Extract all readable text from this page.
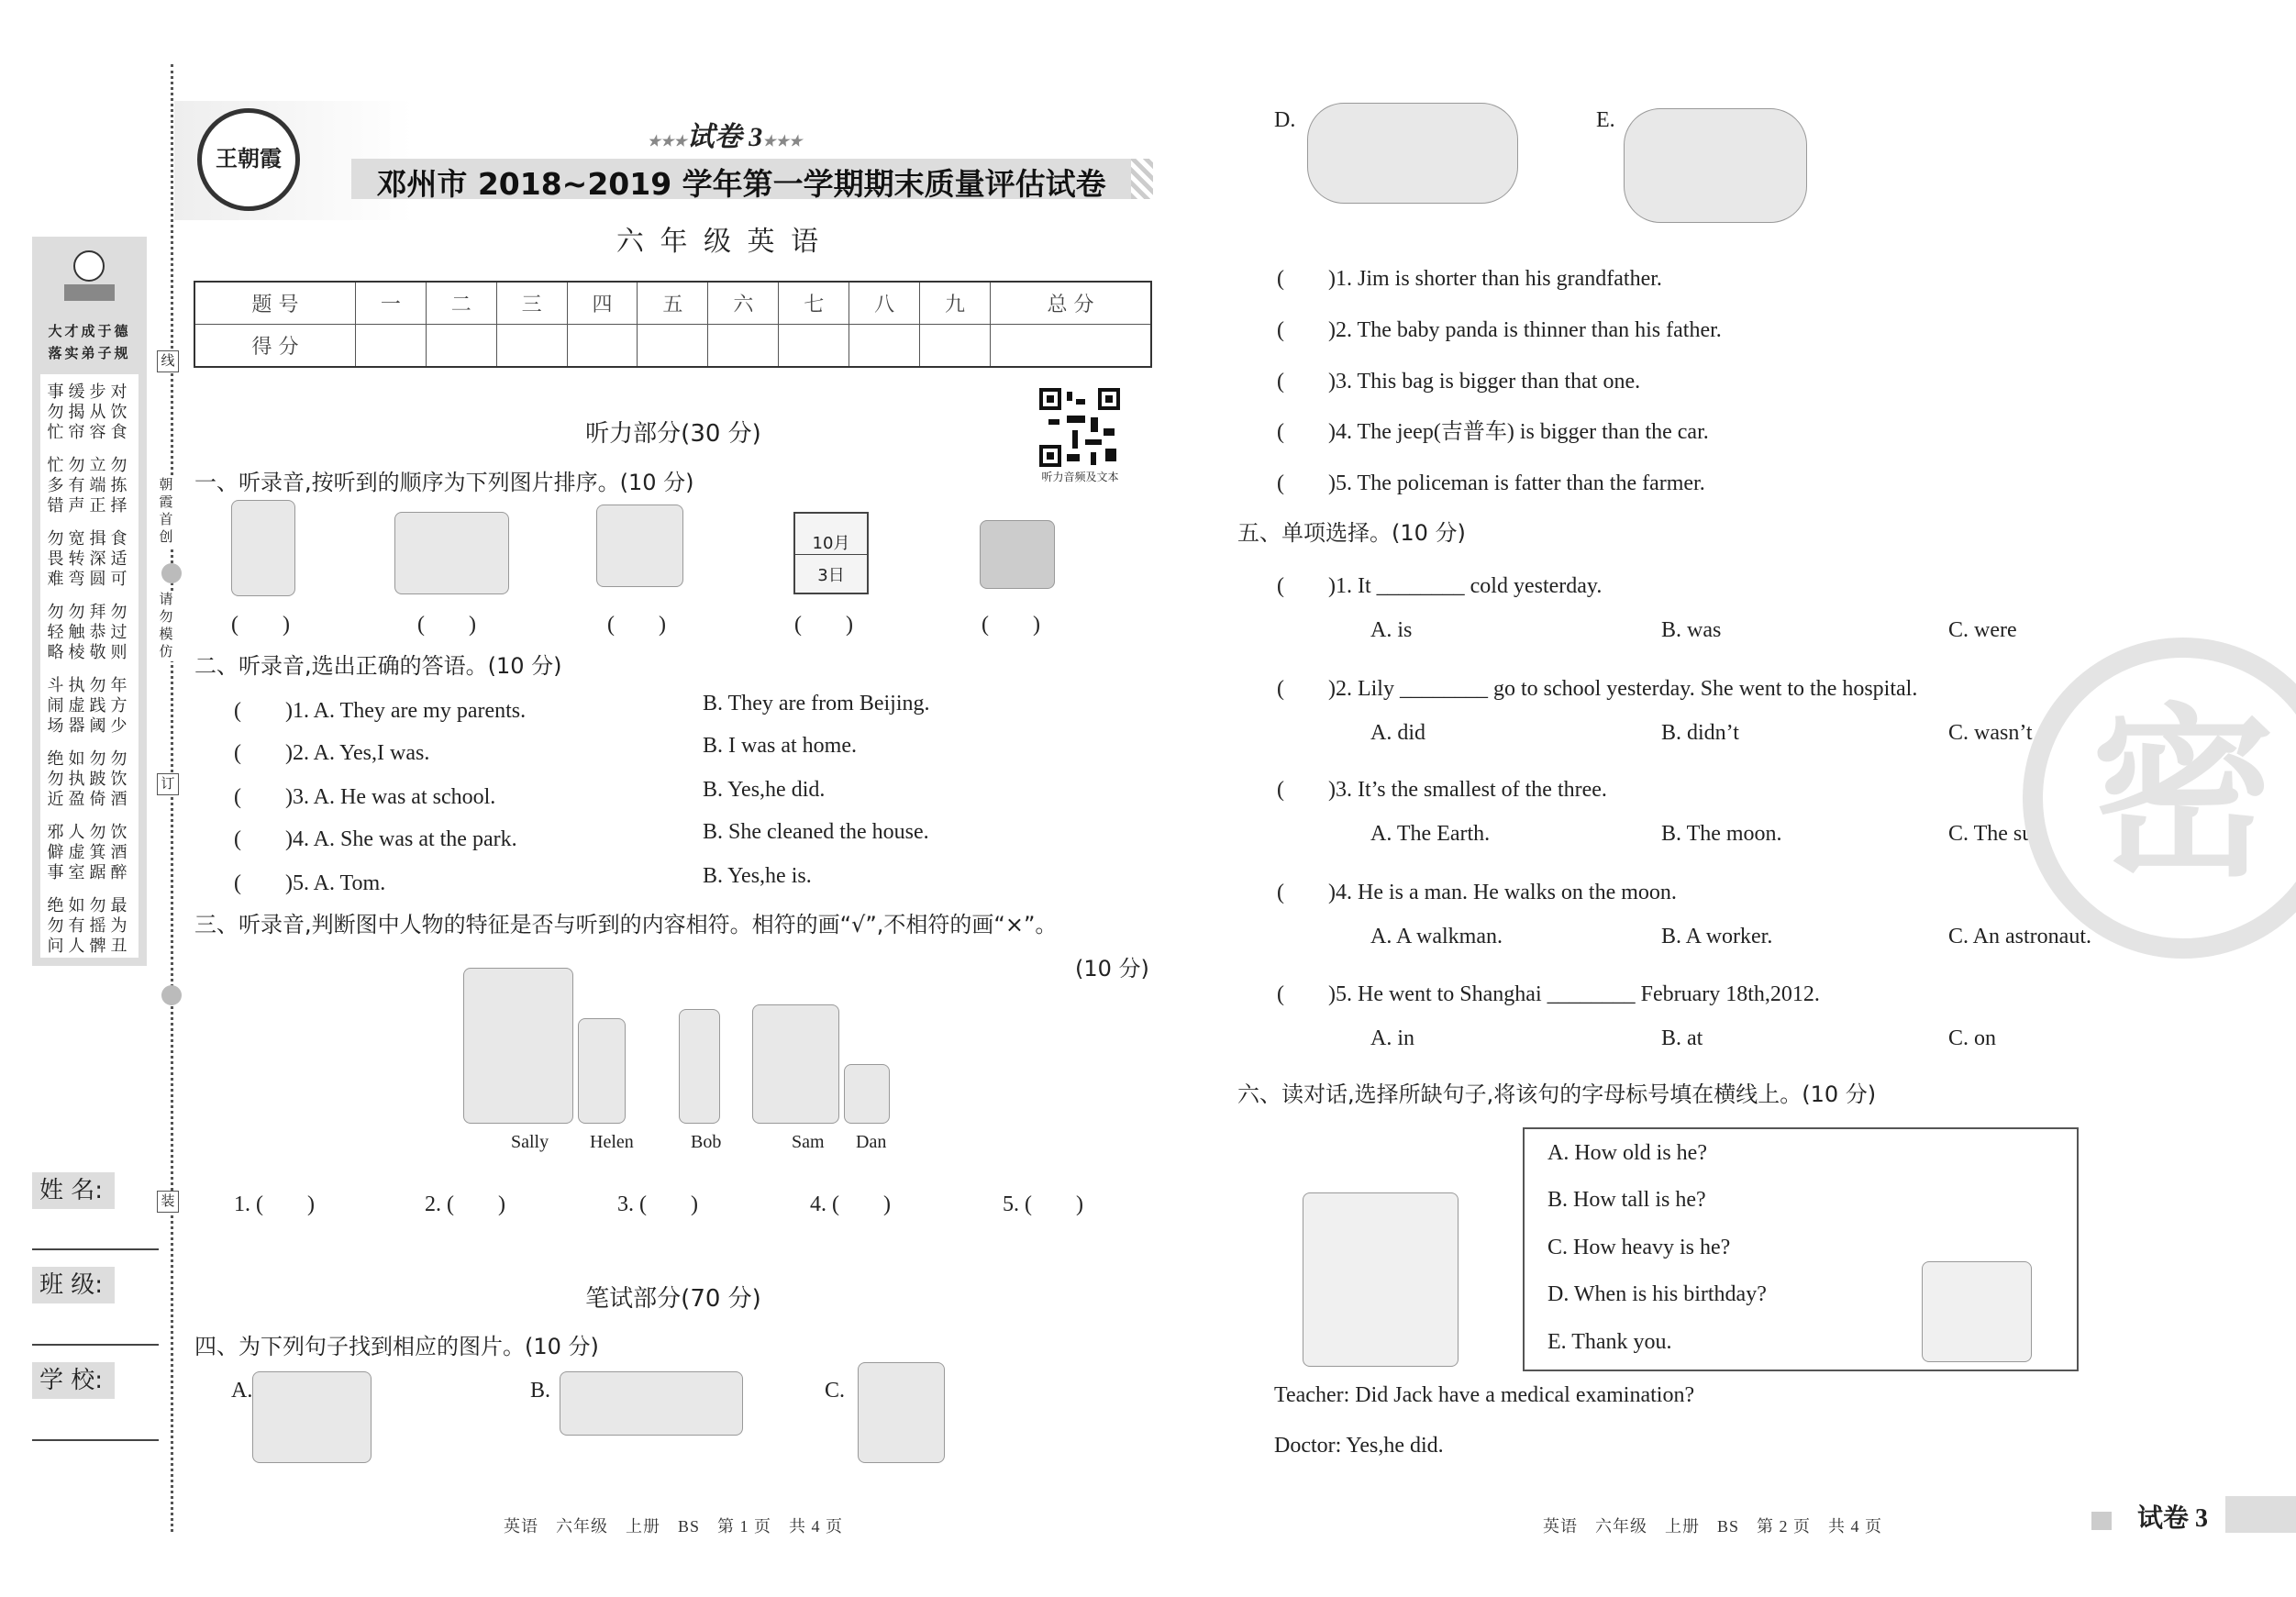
大才成于德
落实弟子规
事缓步对
勿揭从饮
忙帘容食
忙勿立勿
多有端拣
错声正择
勿宽揖食
畏转深适
难弯圆可
勿勿拜勿
轻触恭过
略棱敬则
斗执勿年
闹虚践方
场器阈少
绝如勿勿
勿执跛饮
近盈倚酒
邪人勿饮
僻虚箕酒
事室踞醉
绝如勿最
勿有摇为
问人髀丑
线
朝霞首创
请勿模仿
订
装
姓 名:
班 级:
学 校:
王朝霞
★★★试卷 3★★★
邓州市 2018~2019 学年第一学期期末质量评估试卷
六 年 级 英 语
题 号	一	二	三	四	五	六	七	八	九	总 分
得 分										
听力部分(30 分)
听力音频及文本
一、听录音,按听到的顺序为下列图片排序。(10 分)
10月
3日
(　　)	(　　)	(　　)	(　　)	(　　)
二、听录音,选出正确的答语。(10 分)
(　　)1. A. They are my parents.	B. They are from Beijing.
(　　)2. A. Yes,I was.	B. I was at home.
(　　)3. A. He was at school.	B. Yes,he did.
(　　)4. A. She was at the park.	B. She cleaned the house.
(　　)5. A. Tom.	B. Yes,he is.
三、听录音,判断图中人物的特征是否与听到的内容相符。相符的画“√”,不相符的画“×”。
(10 分)
Sally Helen	Bob	Sam Dan
1. (　　)	2. (　　)	3. (　　)	4. (　　)	5. (　　)
笔试部分(70 分)
四、为下列句子找到相应的图片。(10 分)
A.	B.	C.
英语　六年级　上册　BS　第 1 页　共 4 页
D.	E.
(　　)1. Jim is shorter than his grandfather.
(　　)2. The baby panda is thinner than his father.
(　　)3. This bag is bigger than that one.
(　　)4. The jeep(吉普车) is bigger than the car.
(　　)5. The policeman is fatter than the farmer.
五、单项选择。(10 分)
(　　)1. It ________ cold yesterday.
A. is	B. was	C. were
(　　)2. Lily ________ go to school yesterday. She went to the hospital.
A. did	B. didn’t	C. wasn’t
(　　)3. It’s the smallest of the three.
A. The Earth.	B. The moon.	C. The sun.
(　　)4. He is a man. He walks on the moon.
A. A walkman.	B. A worker.	C. An astronaut.
(　　)5. He went to Shanghai ________ February 18th,2012.
A. in	B. at	C. on
六、读对话,选择所缺句子,将该句的字母标号填在横线上。(10 分)
A. How old is he?
B. How tall is he?
C. How heavy is he?
D. When is his birthday?
E. Thank you.
Teacher: Did Jack have a medical examination?
Doctor: Yes,he did.
密
英语　六年级　上册　BS　第 2 页　共 4 页	试卷 3
